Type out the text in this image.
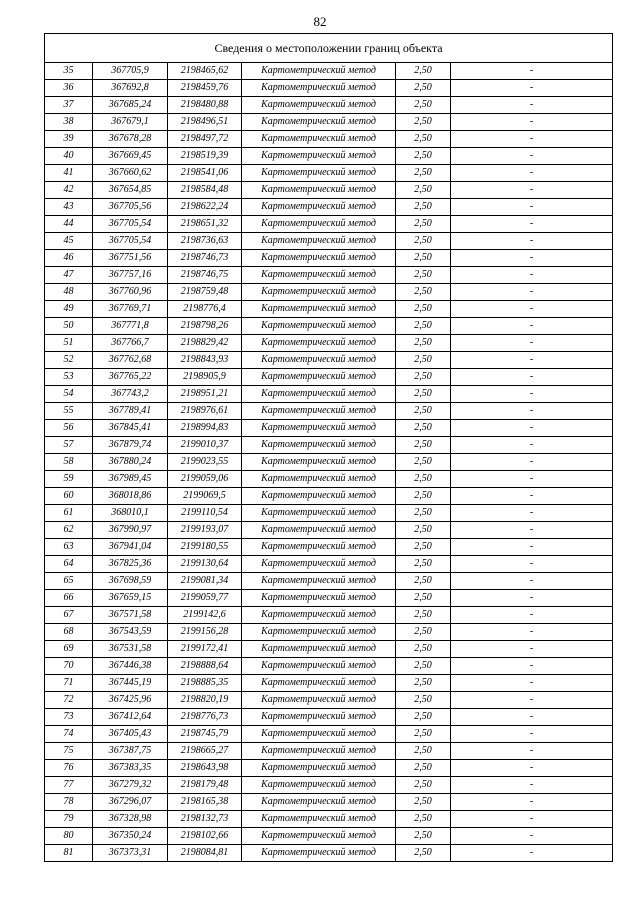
82
Сведения о местоположении границ объекта					
35	367705,9	2198465,62	Картометрический метод	2,50	-
36	367692,8	2198459,76	Картометрический метод	2,50	-
37	367685,24	2198480,88	Картометрический метод	2,50	-
38	367679,1	2198496,51	Картометрический метод	2,50	-
39	367678,28	2198497,72	Картометрический метод	2,50	-
40	367669,45	2198519,39	Картометрический метод	2,50	-
41	367660,62	2198541,06	Картометрический метод	2,50	-
42	367654,85	2198584,48	Картометрический метод	2,50	-
43	367705,56	2198622,24	Картометрический метод	2,50	-
44	367705,54	2198651,32	Картометрический метод	2,50	-
45	367705,54	2198736,63	Картометрический метод	2,50	-
46	367751,56	2198746,73	Картометрический метод	2,50	-
47	367757,16	2198746,75	Картометрический метод	2,50	-
48	367760,96	2198759,48	Картометрический метод	2,50	-
49	367769,71	2198776,4	Картометрический метод	2,50	-
50	367771,8	2198798,26	Картометрический метод	2,50	-
51	367766,7	2198829,42	Картометрический метод	2,50	-
52	367762,68	2198843,93	Картометрический метод	2,50	-
53	367765,22	2198905,9	Картометрический метод	2,50	-
54	367743,2	2198951,21	Картометрический метод	2,50	-
55	367789,41	2198976,61	Картометрический метод	2,50	-
56	367845,41	2198994,83	Картометрический метод	2,50	-
57	367879,74	2199010,37	Картометрический метод	2,50	-
58	367880,24	2199023,55	Картометрический метод	2,50	-
59	367989,45	2199059,06	Картометрический метод	2,50	-
60	368018,86	2199069,5	Картометрический метод	2,50	-
61	368010,1	2199110,54	Картометрический метод	2,50	-
62	367990,97	2199193,07	Картометрический метод	2,50	-
63	367941,04	2199180,55	Картометрический метод	2,50	-
64	367825,36	2199130,64	Картометрический метод	2,50	-
65	367698,59	2199081,34	Картометрический метод	2,50	-
66	367659,15	2199059,77	Картометрический метод	2,50	-
67	367571,58	2199142,6	Картометрический метод	2,50	-
68	367543,59	2199156,28	Картометрический метод	2,50	-
69	367531,58	2199172,41	Картометрический метод	2,50	-
70	367446,38	2198888,64	Картометрический метод	2,50	-
71	367445,19	2198885,35	Картометрический метод	2,50	-
72	367425,96	2198820,19	Картометрический метод	2,50	-
73	367412,64	2198776,73	Картометрический метод	2,50	-
74	367405,43	2198745,79	Картометрический метод	2,50	-
75	367387,75	2198665,27	Картометрический метод	2,50	-
76	367383,35	2198643,98	Картометрический метод	2,50	-
77	367279,32	2198179,48	Картометрический метод	2,50	-
78	367296,07	2198165,38	Картометрический метод	2,50	-
79	367328,98	2198132,73	Картометрический метод	2,50	-
80	367350,24	2198102,66	Картометрический метод	2,50	-
81	367373,31	2198084,81	Картометрический метод	2,50	-
